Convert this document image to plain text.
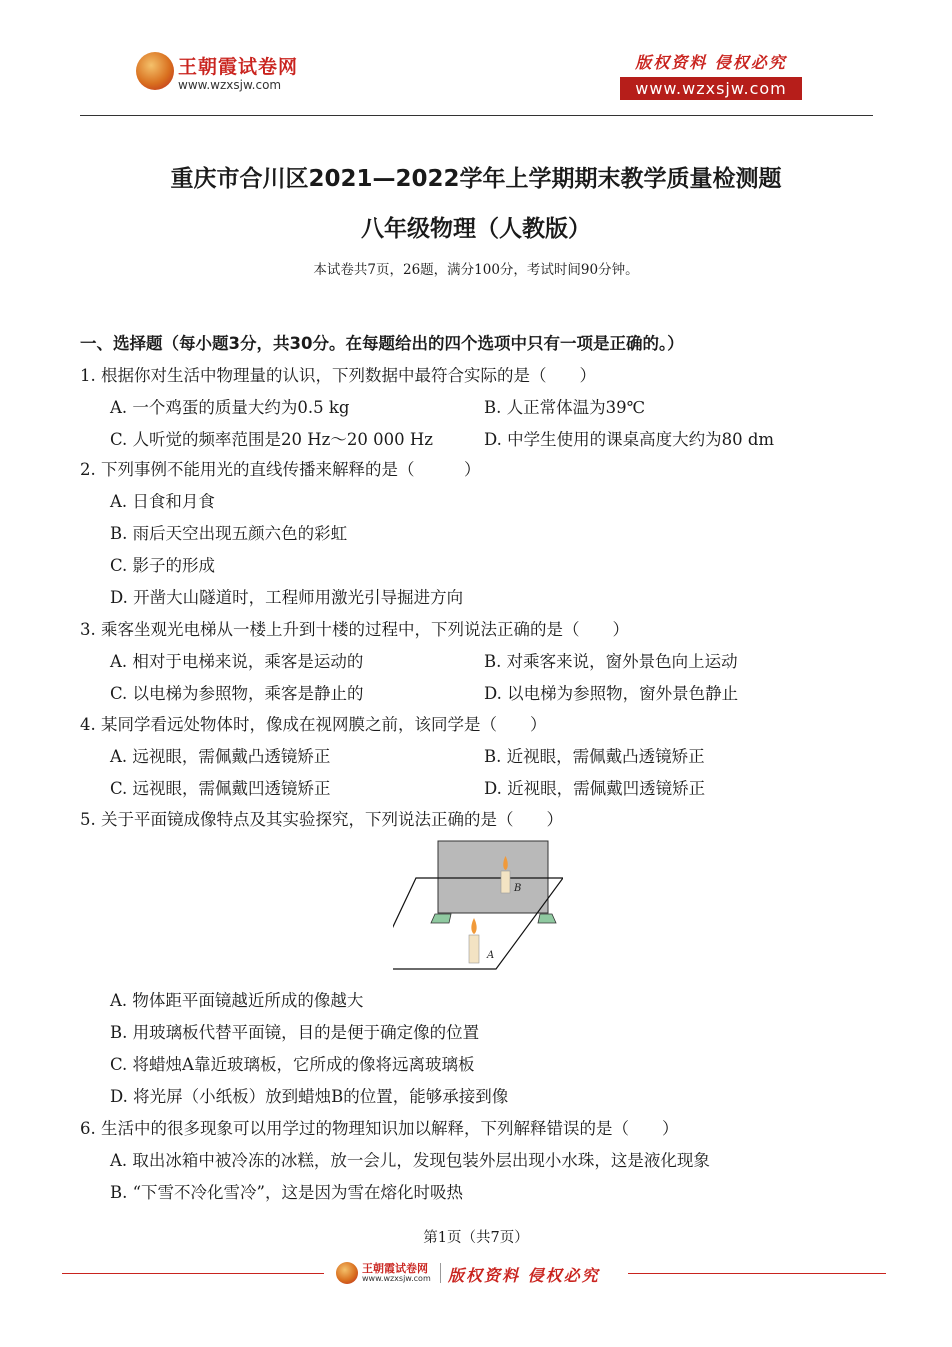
王朝霞试卷网
www.wzxsjw.com
版权资料 侵权必究
www.wzxsjw.com
重庆市合川区2021—2022学年上学期期末教学质量检测题
八年级物理（人教版）
本试卷共7页，26题，满分100分，考试时间90分钟。
一、选择题（每小题3分，共30分。在每题给出的四个选项中只有一项是正确的。）
1. 根据你对生活中物理量的认识，下列数据中最符合实际的是（　　）
A. 一个鸡蛋的质量大约为0.5 kg	B. 人正常体温为39℃
C. 人听觉的频率范围是20 Hz～20 000 Hz	D. 中学生使用的课桌高度大约为80 dm
2. 下列事例不能用光的直线传播来解释的是（　　　）
A. 日食和月食
B. 雨后天空出现五颜六色的彩虹
C. 影子的形成
D. 开凿大山隧道时，工程师用激光引导掘进方向
3. 乘客坐观光电梯从一楼上升到十楼的过程中，下列说法正确的是（　　）
A. 相对于电梯来说，乘客是运动的	B. 对乘客来说，窗外景色向上运动
C. 以电梯为参照物，乘客是静止的	D. 以电梯为参照物，窗外景色静止
4. 某同学看远处物体时，像成在视网膜之前，该同学是（　　）
A. 远视眼，需佩戴凸透镜矫正	B. 近视眼，需佩戴凸透镜矫正
C. 远视眼，需佩戴凹透镜矫正	D. 近视眼，需佩戴凹透镜矫正
5. 关于平面镜成像特点及其实验探究，下列说法正确的是（　　）
B
A
A. 物体距平面镜越近所成的像越大
B. 用玻璃板代替平面镜，目的是便于确定像的位置
C. 将蜡烛A靠近玻璃板，它所成的像将远离玻璃板
D. 将光屏（小纸板）放到蜡烛B的位置，能够承接到像
6. 生活中的很多现象可以用学过的物理知识加以解释，下列解释错误的是（　　）
A. 取出冰箱中被冷冻的冰糕，放一会儿，发现包装外层出现小水珠，这是液化现象
B. “下雪不冷化雪冷”，这是因为雪在熔化时吸热
第1页（共7页）
王朝霞试卷网
www.wzxsjw.com 版权资料 侵权必究
